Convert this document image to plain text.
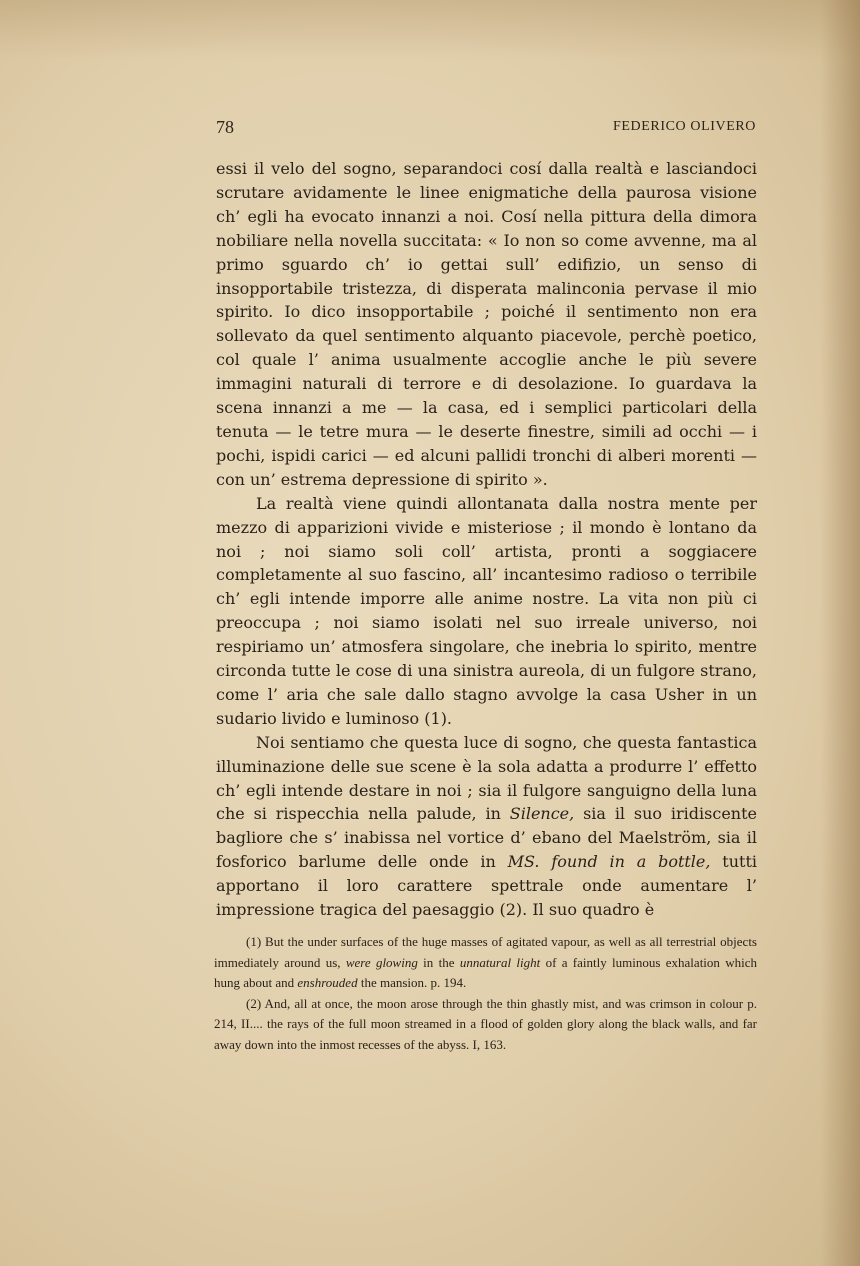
78	FEDERICO OLIVERO

essi il velo del sogno, separandoci cosí dalla realtà e lasciandoci scrutare avidamente le linee enigmatiche della paurosa visione ch’ egli ha evocato innanzi a noi. Cosí nella pittura della dimora nobiliare nella novella succitata: « Io non so come avvenne, ma al primo sguardo ch’ io gettai sull’ edifizio, un senso di insopportabile tristezza, di disperata malinconia pervase il mio spirito. Io dico insopportabile ; poiché il sentimento non era sollevato da quel sentimento alquanto piacevole, perchè poetico, col quale l’ anima usualmente accoglie anche le più severe immagini naturali di terrore e di desolazione. Io guardava la scena innanzi a me — la casa, ed i semplici particolari della tenuta — le tetre mura — le deserte finestre, simili ad occhi — i pochi, ispidi carici — ed alcuni pallidi tronchi di alberi morenti — con un’ estrema depressione di spirito ».

La realtà viene quindi allontanata dalla nostra mente per mezzo di apparizioni vivide e misteriose ; il mondo è lontano da noi ; noi siamo soli coll’ artista, pronti a soggiacere completamente al suo fascino, all’ incantesimo radioso o terribile ch’ egli intende imporre alle anime nostre. La vita non più ci preoccupa ; noi siamo isolati nel suo irreale universo, noi respiriamo un’ atmosfera singolare, che inebria lo spirito, mentre circonda tutte le cose di una sinistra aureola, di un fulgore strano, come l’ aria che sale dallo stagno avvolge la casa Usher in un sudario livido e luminoso (1).

Noi sentiamo che questa luce di sogno, che questa fantastica illuminazione delle sue scene è la sola adatta a produrre l’ effetto ch’ egli intende destare in noi ; sia il fulgore sanguigno della luna che si rispecchia nella palude, in Silence, sia il suo iridiscente bagliore che s’ inabissa nel vortice d’ ebano del Maelström, sia il fosforico barlume delle onde in MS. found in a bottle, tutti apportano il loro carattere spettrale onde aumentare l’ impressione tragica del paesaggio (2). Il suo quadro è

(1) But the under surfaces of the huge masses of agitated vapour, as well as all terrestrial objects immediately around us, were glowing in the unnatural light of a faintly luminous exhalation which hung about and enshrouded the mansion. p. 194.

(2) And, all at once, the moon arose through the thin ghastly mist, and was crimson in colour p. 214, II.... the rays of the full moon streamed in a flood of golden glory along the black walls, and far away down into the inmost recesses of the abyss. I, 163.
